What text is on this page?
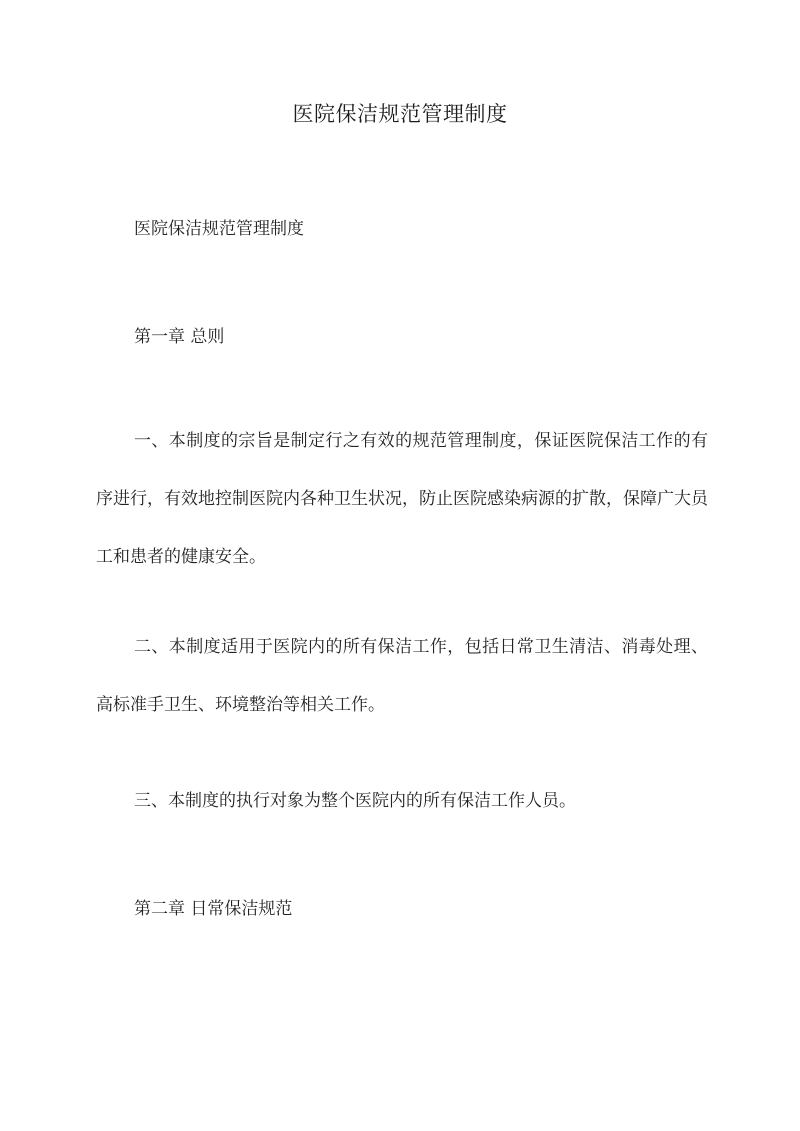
医院保洁规范管理制度

医院保洁规范管理制度

第一章 总则

一、本制度的宗旨是制定行之有效的规范管理制度，保证医院保洁工作的有序进行，有效地控制医院内各种卫生状况，防止医院感染病源的扩散，保障广大员工和患者的健康安全。

二、本制度适用于医院内的所有保洁工作，包括日常卫生清洁、消毒处理、高标准手卫生、环境整治等相关工作。

三、本制度的执行对象为整个医院内的所有保洁工作人员。

第二章 日常保洁规范
